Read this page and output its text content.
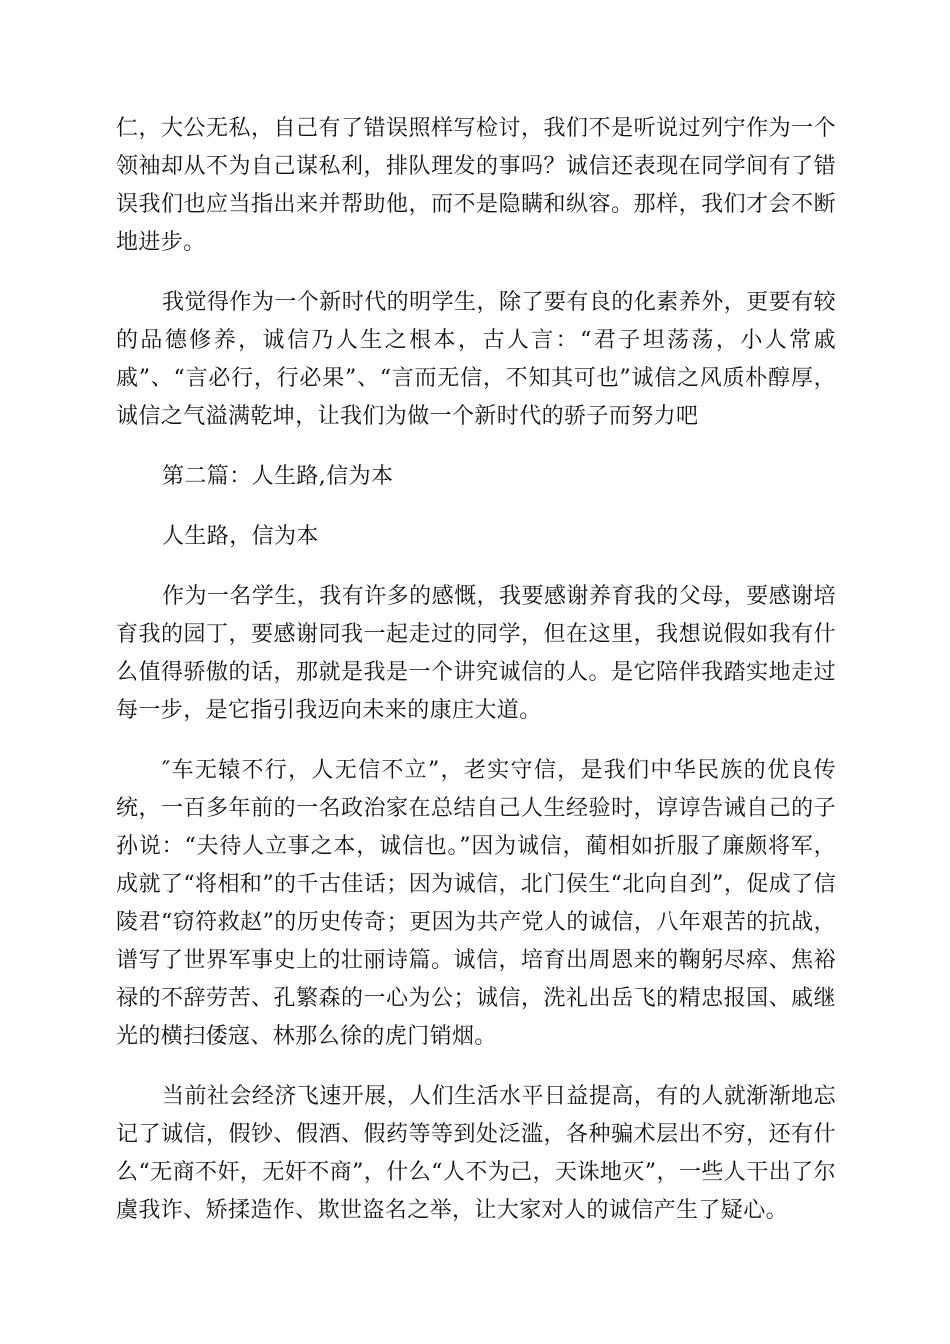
仁，大公无私，自己有了错误照样写检讨，我们不是听说过列宁作为一个领袖却从不为自己谋私利，排队理发的事吗？诚信还表现在同学间有了错误我们也应当指出来并帮助他，而不是隐瞒和纵容。那样，我们才会不断地进步。

我觉得作为一个新时代的明学生，除了要有良的化素养外，更要有较的品德修养，诚信乃人生之根本，古人言：“君子坦荡荡，小人常戚戚”、“言必行，行必果”、“言而无信，不知其可也”诚信之风质朴醇厚，诚信之气溢满乾坤，让我们为做一个新时代的骄子而努力吧

第二篇：人生路,信为本

人生路，信为本

作为一名学生，我有许多的感慨，我要感谢养育我的父母，要感谢培育我的园丁，要感谢同我一起走过的同学，但在这里，我想说假如我有什么值得骄傲的话，那就是我是一个讲究诚信的人。是它陪伴我踏实地走过每一步，是它指引我迈向未来的康庄大道。

″车无辕不行，人无信不立”，老实守信，是我们中华民族的优良传统，一百多年前的一名政治家在总结自己人生经验时，谆谆告诫自己的子孙说：“夫待人立事之本，诚信也。”因为诚信，蔺相如折服了廉颇将军，成就了“将相和”的千古佳话；因为诚信，北门侯生“北向自刭”，促成了信陵君“窃符救赵”的历史传奇；更因为共产党人的诚信，八年艰苦的抗战，谱写了世界军事史上的壮丽诗篇。诚信，培育出周恩来的鞠躬尽瘁、焦裕禄的不辞劳苦、孔繁森的一心为公；诚信，洗礼出岳飞的精忠报国、戚继光的横扫倭寇、林那么徐的虎门销烟。

当前社会经济飞速开展，人们生活水平日益提高，有的人就渐渐地忘记了诚信，假钞、假酒、假药等等到处泛滥，各种骗术层出不穷，还有什么“无商不奸，无奸不商”，什么“人不为己，天诛地灭”，一些人干出了尔虞我诈、矫揉造作、欺世盗名之举，让大家对人的诚信产生了疑心。
